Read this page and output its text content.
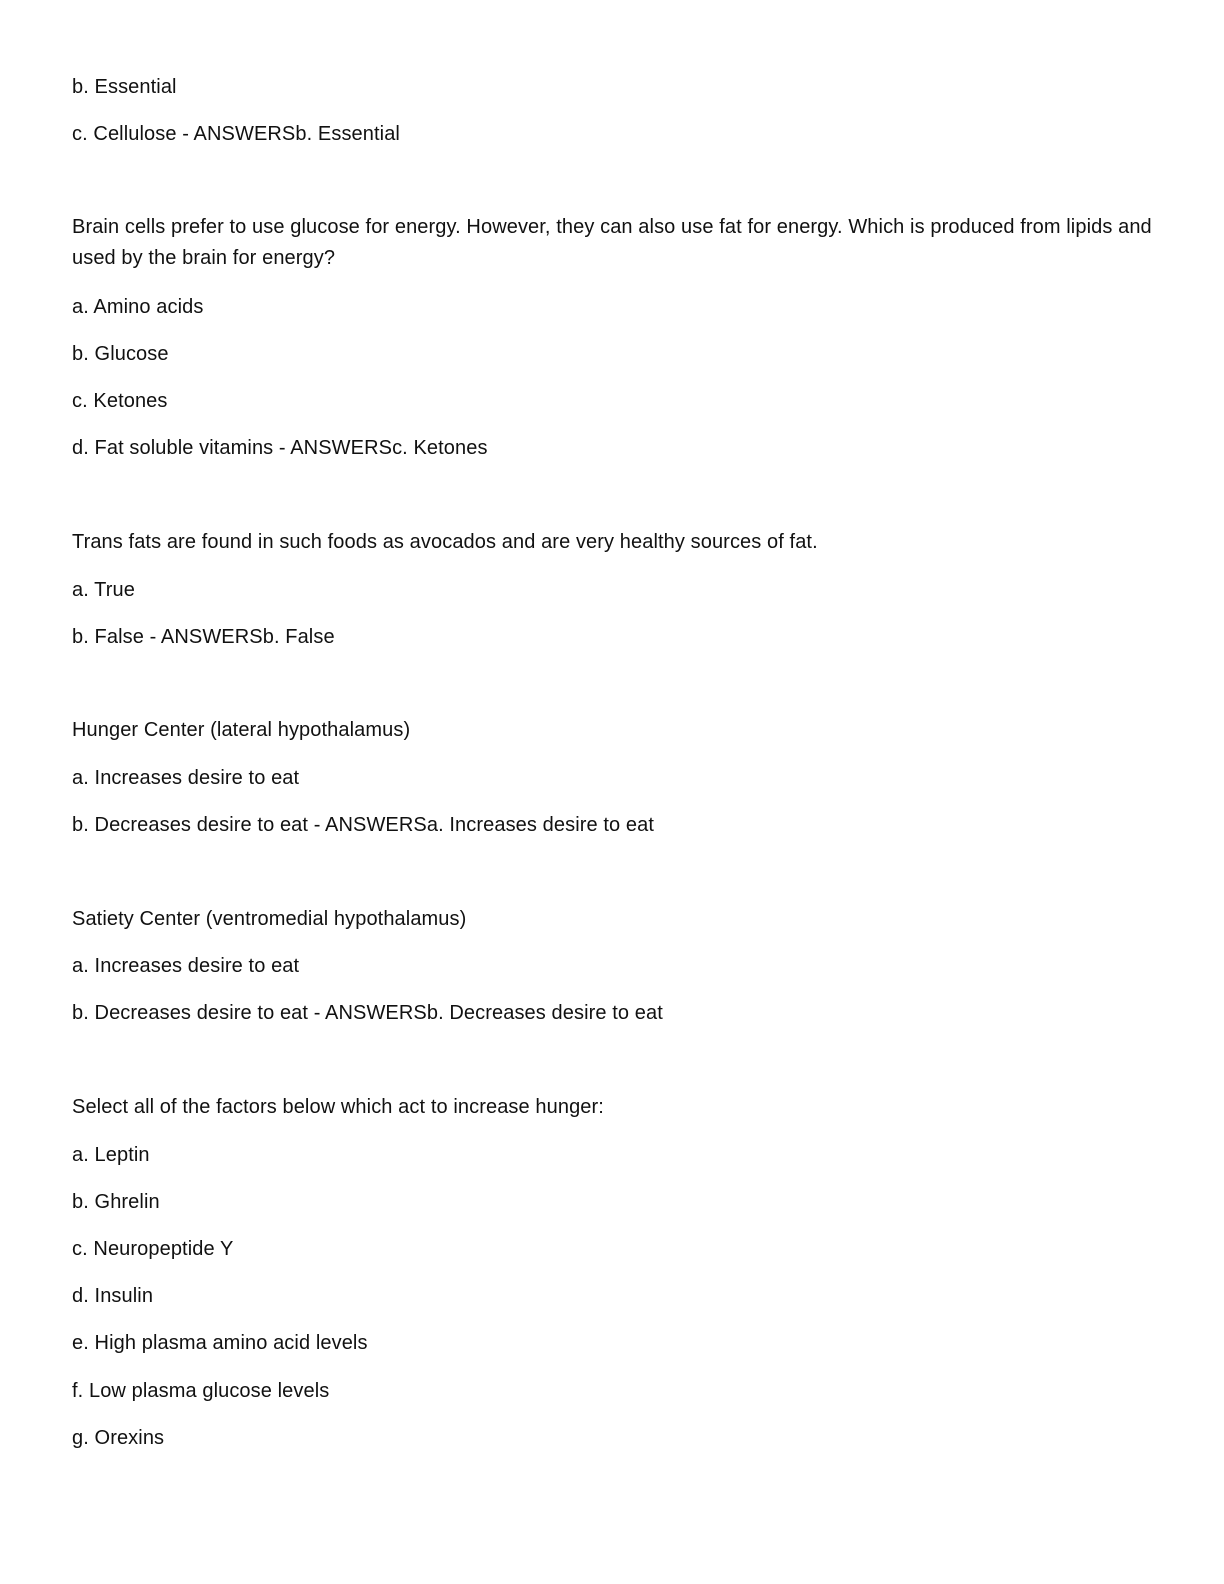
b. Essential
c. Cellulose - ANSWERSb. Essential
Brain cells prefer to use glucose for energy. However, they can also use fat for energy. Which is produced from lipids and used by the brain for energy?
a. Amino acids
b. Glucose
c. Ketones
d. Fat soluble vitamins - ANSWERSc. Ketones
Trans fats are found in such foods as avocados and are very healthy sources of fat.
a. True
b. False - ANSWERSb. False
Hunger Center (lateral hypothalamus)
a. Increases desire to eat
b. Decreases desire to eat - ANSWERSa. Increases desire to eat
Satiety Center (ventromedial hypothalamus)
a. Increases desire to eat
b. Decreases desire to eat - ANSWERSb. Decreases desire to eat
Select all of the factors below which act to increase hunger:
a. Leptin
b. Ghrelin
c. Neuropeptide Y
d. Insulin
e. High plasma amino acid levels
f. Low plasma glucose levels
g. Orexins
